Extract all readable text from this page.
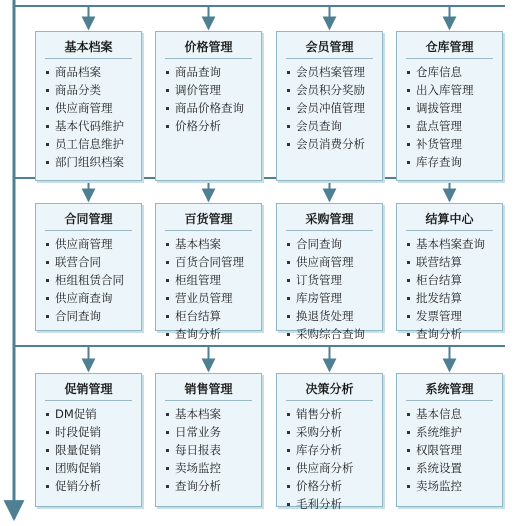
基本档案
商品档案
商品分类
供应商管理
基本代码维护
员工信息维护
部门组织档案
价格管理
商品查询
调价管理
商品价格查询
价格分析
会员管理
会员档案管理
会员积分奖励
会员冲值管理
会员查询
会员消费分析
仓库管理
仓库信息
出入库管理
调拔管理
盘点管理
补货管理
库存查询
合同管理
供应商管理
联营合同
柜组租赁合同
供应商查询
合同查询
百货管理
基本档案
百货合同管理
柜组管理
营业员管理
柜台结算
查询分析
采购管理
合同查询
供应商管理
订货管理
库房管理
换退货处理
采购综合查询
结算中心
基本档案查询
联营结算
柜台结算
批发结算
发票管理
查询分析
促销管理
DM促销
时段促销
限量促销
团购促销
促销分析
销售管理
基本档案
日常业务
每日报表
卖场监控
查询分析
决策分析
销售分析
采购分析
库存分析
供应商分析
价格分析
毛利分析
系统管理
基本信息
系统维护
权限管理
系统设置
卖场监控
